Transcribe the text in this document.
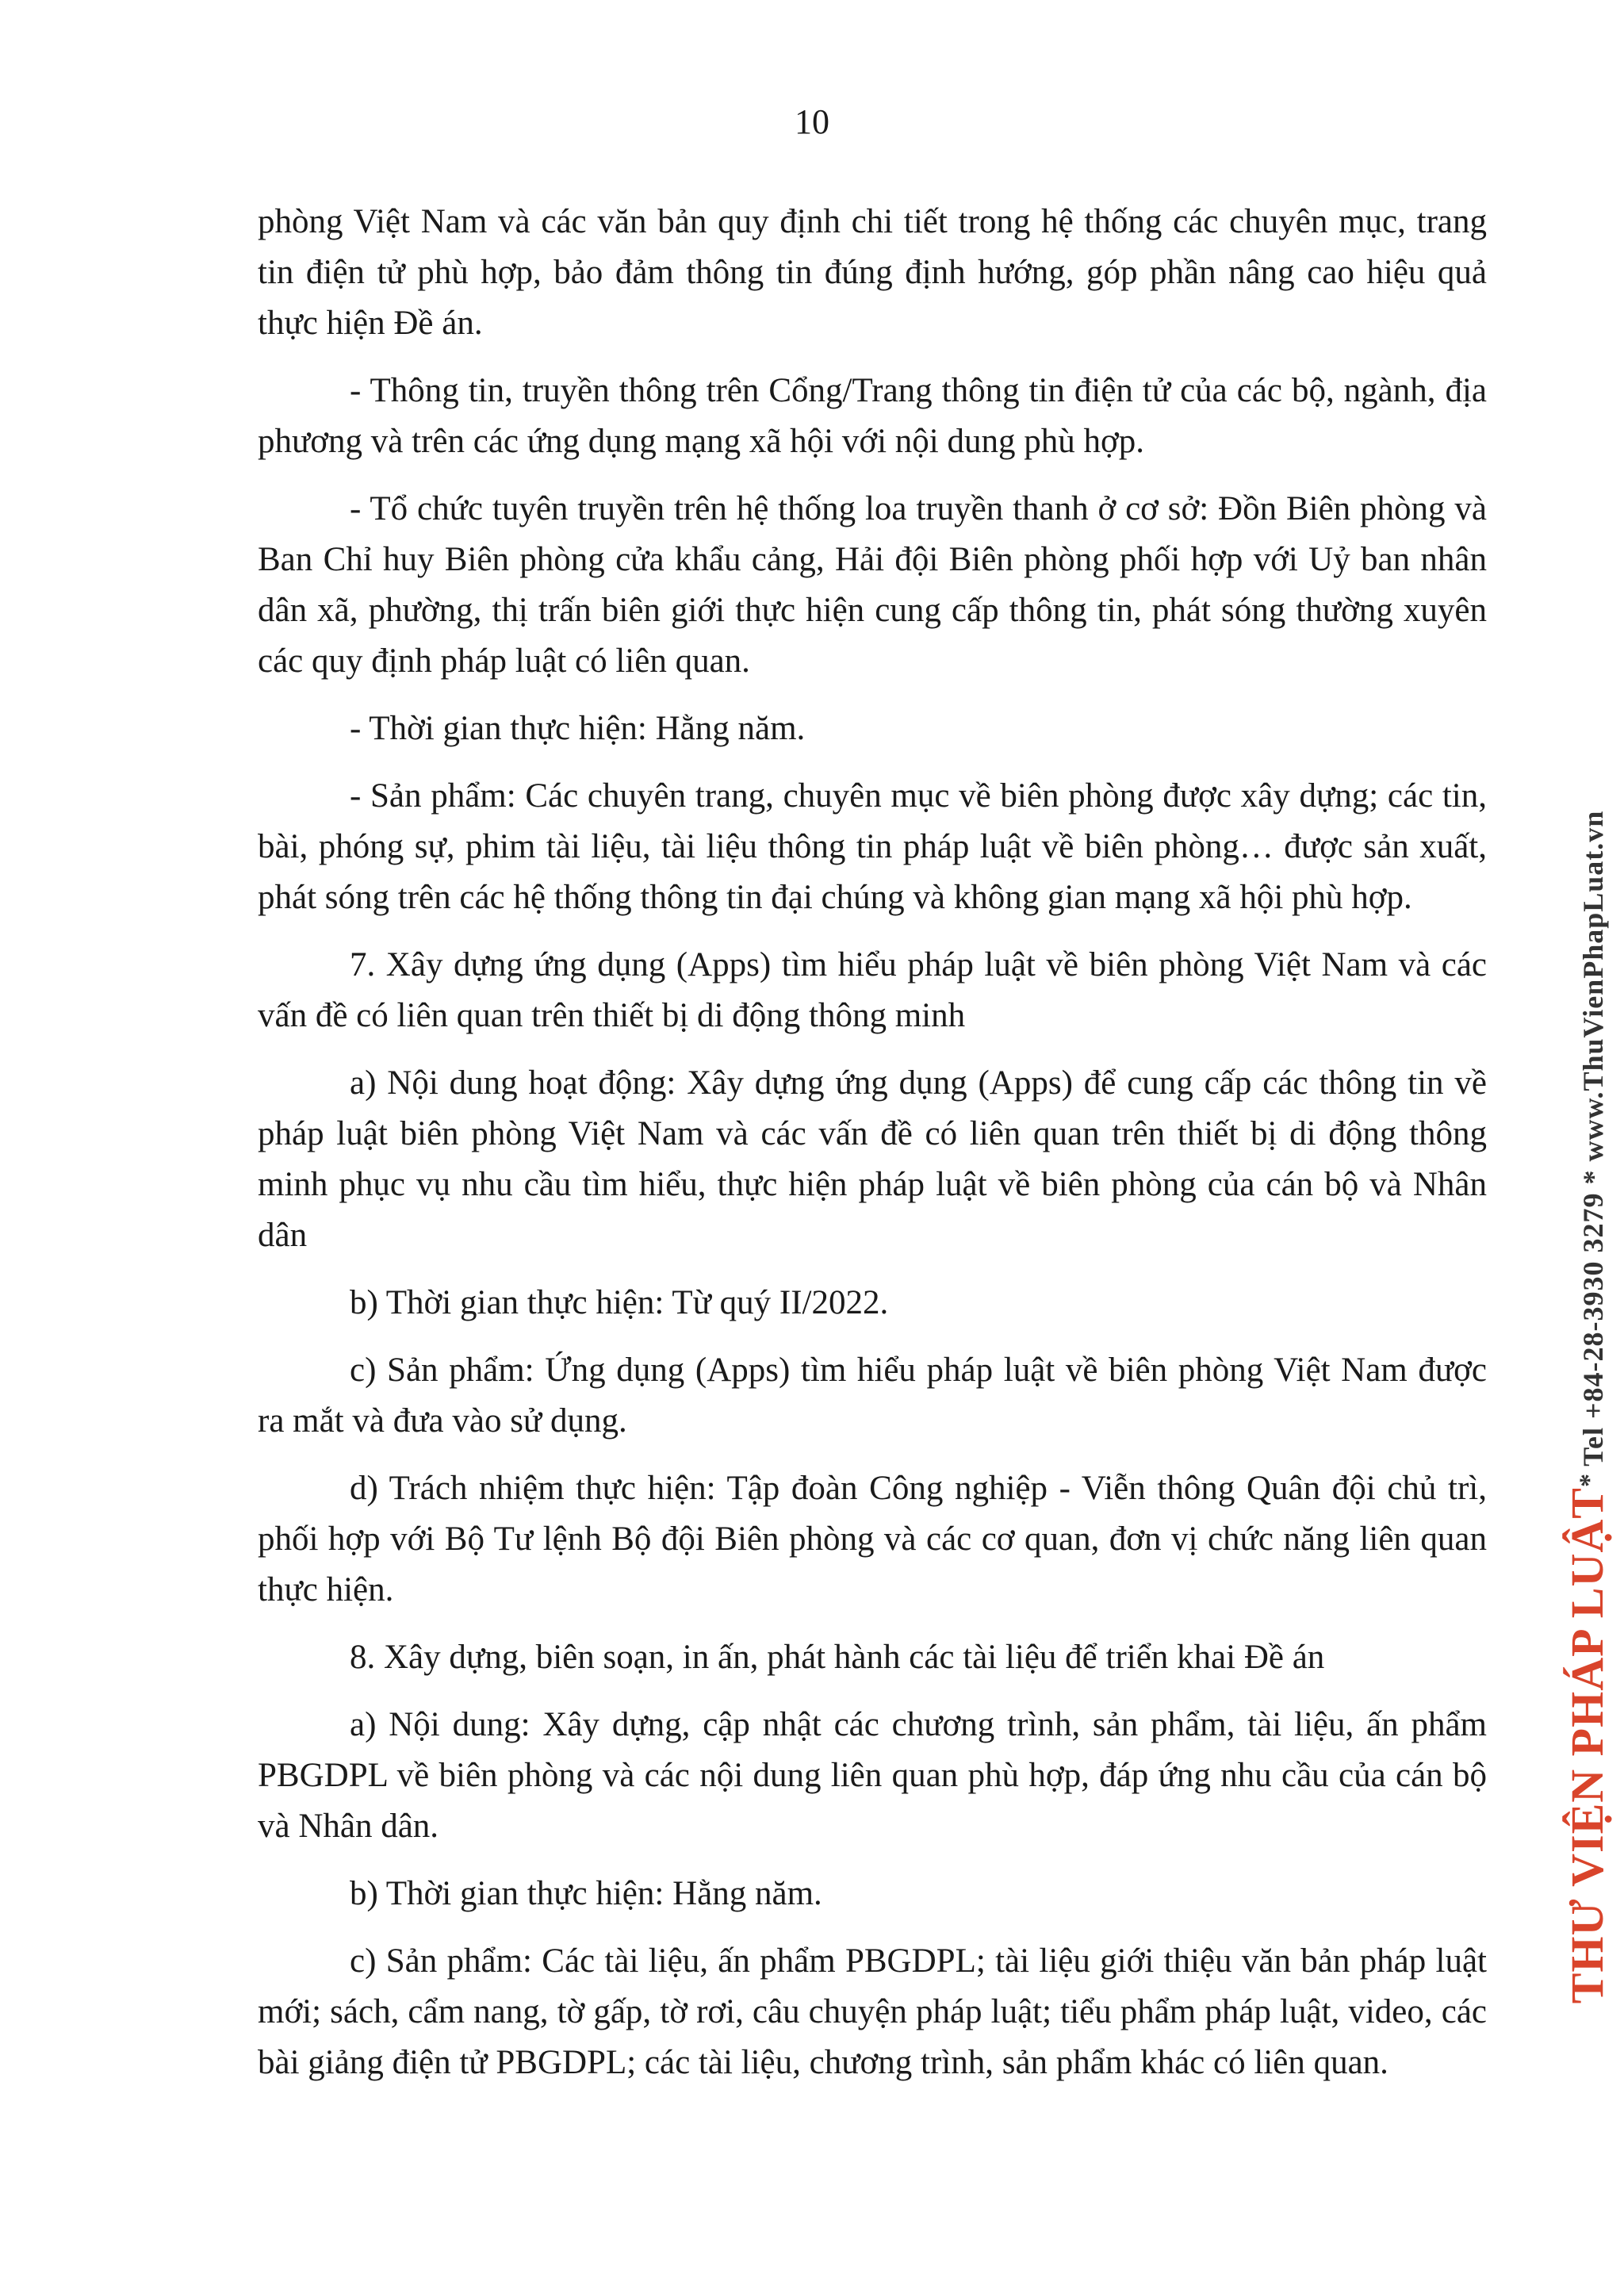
10

phòng Việt Nam và các văn bản quy định chi tiết trong hệ thống các chuyên mục, trang tin điện tử phù hợp, bảo đảm thông tin đúng định hướng, góp phần nâng cao hiệu quả thực hiện Đề án.

- Thông tin, truyền thông trên Cổng/Trang thông tin điện tử của các bộ, ngành, địa phương và trên các ứng dụng mạng xã hội với nội dung phù hợp.

- Tổ chức tuyên truyền trên hệ thống loa truyền thanh ở cơ sở: Đồn Biên phòng và Ban Chỉ huy Biên phòng cửa khẩu cảng, Hải đội Biên phòng phối hợp với Uỷ ban nhân dân xã, phường, thị trấn biên giới thực hiện cung cấp thông tin, phát sóng thường xuyên các quy định pháp luật có liên quan.

- Thời gian thực hiện: Hằng năm.

- Sản phẩm: Các chuyên trang, chuyên mục về biên phòng được xây dựng; các tin, bài, phóng sự, phim tài liệu, tài liệu thông tin pháp luật về biên phòng… được sản xuất, phát sóng trên các hệ thống thông tin đại chúng và không gian mạng xã hội phù hợp.

7. Xây dựng ứng dụng (Apps) tìm hiểu pháp luật về biên phòng Việt Nam và các vấn đề có liên quan trên thiết bị di động thông minh

a) Nội dung hoạt động: Xây dựng ứng dụng (Apps) để cung cấp các thông tin về pháp luật biên phòng Việt Nam và các vấn đề có liên quan trên thiết bị di động thông minh phục vụ nhu cầu tìm hiểu, thực hiện pháp luật về biên phòng của cán bộ và Nhân dân

b) Thời gian thực hiện: Từ quý II/2022.

c) Sản phẩm: Ứng dụng (Apps) tìm hiểu pháp luật về biên phòng Việt Nam được ra mắt và đưa vào sử dụng.

d) Trách nhiệm thực hiện: Tập đoàn Công nghiệp - Viễn thông Quân đội chủ trì, phối hợp với Bộ Tư lệnh Bộ đội Biên phòng và các cơ quan, đơn vị chức năng liên quan thực hiện.

8. Xây dựng, biên soạn, in ấn, phát hành các tài liệu để triển khai Đề án

a) Nội dung: Xây dựng, cập nhật các chương trình, sản phẩm, tài liệu, ấn phẩm PBGDPL về biên phòng và các nội dung liên quan phù hợp, đáp ứng nhu cầu của cán bộ và Nhân dân.

b) Thời gian thực hiện: Hằng năm.

c) Sản phẩm: Các tài liệu, ấn phẩm PBGDPL; tài liệu giới thiệu văn bản pháp luật mới; sách, cẩm nang, tờ gấp, tờ rơi, câu chuyện pháp luật; tiểu phẩm pháp luật, video, các bài giảng điện tử PBGDPL; các tài liệu, chương trình, sản phẩm khác có liên quan.

THƯ VIỆN PHÁP LUẬT* Tel +84-28-3930 3279 * www.ThuVienPhapLuat.vn
